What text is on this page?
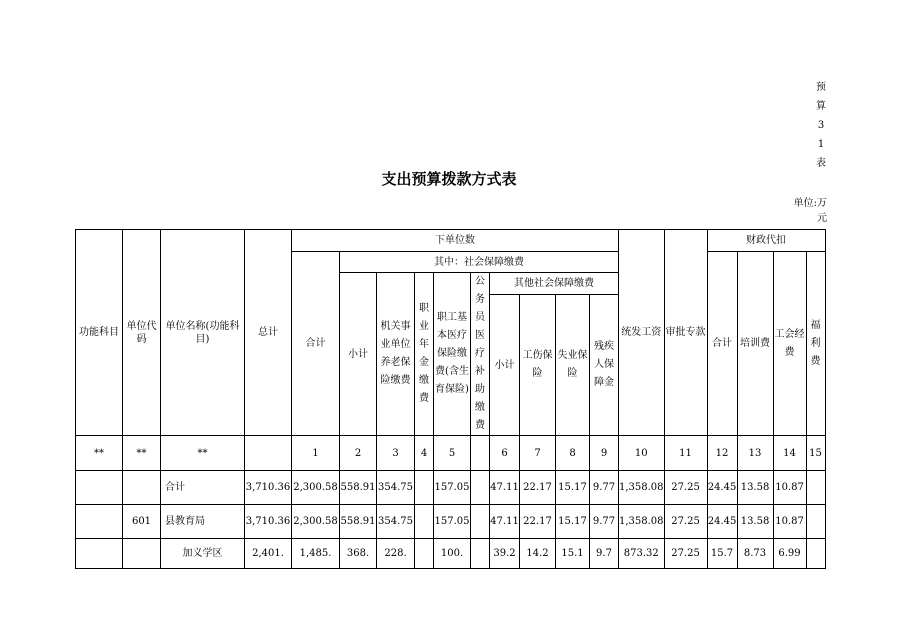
预
算
3
1
表
支出预算拨款方式表
单位:万
元
功能科目	单位代码	单位名称(功能科目)	总计	下单位数										统发工资	审批专款	财政代扣			
				合计	其中：社会保障缴费											合计	培训费	工会经费	福利费
					小计	机关事业单位养老保险缴费	职业年金缴费	职工基本医疗保险缴费(含生育保险)	公务员医疗补助缴费	其他社会保障缴费									
										小计	工伤保险	失业保险	残疾人保障金						

**	**	**		1	2	3	4	5		6	7	8	9	10	11	12	13	14	15
		合计	3,710.36	2,300.58	558.91	354.75		157.05		47.11	22.17	15.17	9.77	1,358.08	27.25	24.45	13.58	10.87	
	601	县教育局	3,710.36	2,300.58	558.91	354.75		157.05		47.11	22.17	15.17	9.77	1,358.08	27.25	24.45	13.58	10.87	
		加义学区	2,401.	1,485.	368.	228.		100.		39.2	14.2	15.1	9.7	873.32	27.25	15.7	8.73	6.99	
